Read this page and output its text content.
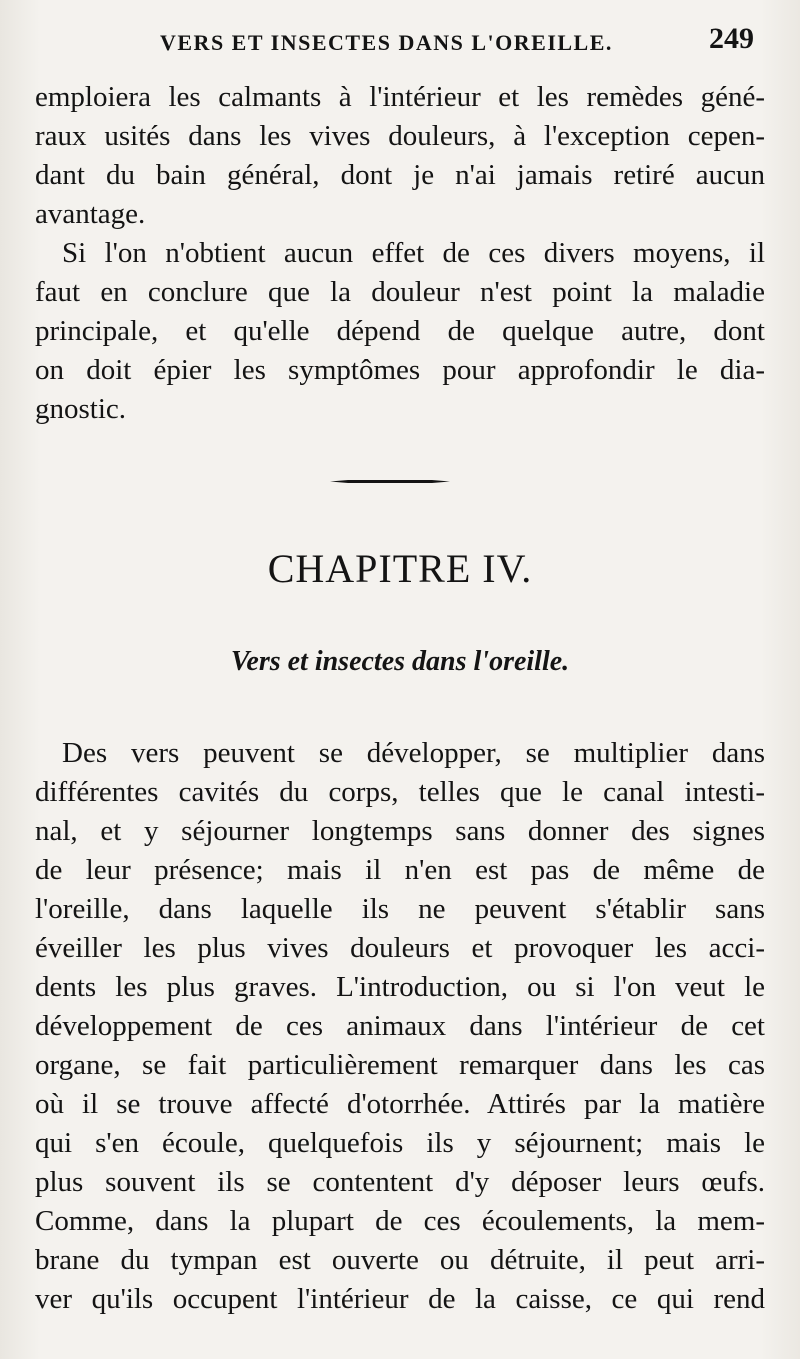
VERS ET INSECTES DANS L'OREILLE.	249
emploiera les calmants à l'intérieur et les remèdes géné-
raux usités dans les vives douleurs, à l'exception cepen-
dant du bain général, dont je n'ai jamais retiré aucun
avantage.
Si l'on n'obtient aucun effet de ces divers moyens, il
faut en conclure que la douleur n'est point la maladie
principale, et qu'elle dépend de quelque autre, dont
on doit épier les symptômes pour approfondir le dia-
gnostic.
CHAPITRE IV.
Vers et insectes dans l'oreille.
Des vers peuvent se développer, se multiplier dans
différentes cavités du corps, telles que le canal intesti-
nal, et y séjourner longtemps sans donner des signes
de leur présence; mais il n'en est pas de même de
l'oreille, dans laquelle ils ne peuvent s'établir sans
éveiller les plus vives douleurs et provoquer les acci-
dents les plus graves. L'introduction, ou si l'on veut le
développement de ces animaux dans l'intérieur de cet
organe, se fait particulièrement remarquer dans les cas
où il se trouve affecté d'otorrhée. Attirés par la matière
qui s'en écoule, quelquefois ils y séjournent; mais le
plus souvent ils se contentent d'y déposer leurs œufs.
Comme, dans la plupart de ces écoulements, la mem-
brane du tympan est ouverte ou détruite, il peut arri-
ver qu'ils occupent l'intérieur de la caisse, ce qui rend
